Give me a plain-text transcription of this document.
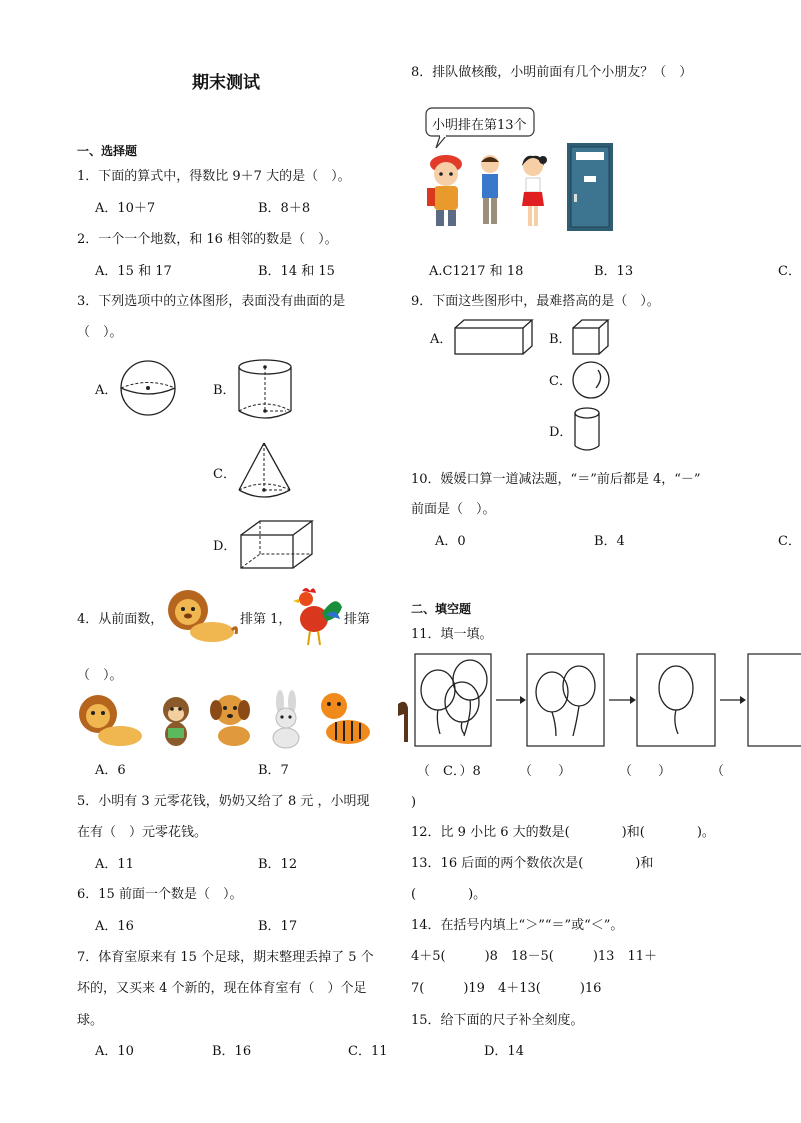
期末测试
一、选择题
1．下面的算式中，得数比 9＋7 大的是（　）。
A．10＋7	B．8＋8
2．一个一个地数，和 16 相邻的数是（　）。
A．15 和 17	B．14 和 15
3．下列选项中的立体图形，表面没有曲面的是
（　）。
A．	B．
C．
D．
4．从前面数，	排第 1，	排第
（　）。
A．6	B．7
5．小明有 3 元零花钱，奶奶又给了 8 元 ，小明现
在有（　）元零花钱。
A．11	B．12
6．15 前面一个数是（　）。
A．16	B．17
7．体育室原来有 15 个足球，期末整理丢掉了 5 个
坏的，又买来 4 个新的，现在体育室有（　）个足
球。
A．10	B．16	C．11	D．14
8．排队做核酸，小明前面有几个小朋友？（　）
小明排在第13个
A.C1217 和 18	B．13	C．
9．下面这些图形中，最难搭高的是（　）。
A．	B．
C．
D．
10．媛媛口算一道减法题，“＝”前后都是 4，“－”
前面是（　）。
A．0	B．4	C．
二、填空题
11．填一填。
（　C．）8	（　　）	（　　）	（
)
12．比 9 小比 6 大的数是(　　　　)和(　　　　)。
13．16 后面的两个数依次是(　　　　)和
(　　　　)。
14．在括号内填上“＞”“＝”或“＜”。
4＋5(　　　)8　18－5(　　　)13　11＋
7(　　　)19　4＋13(　　　)16
15．给下面的尺子补全刻度。
